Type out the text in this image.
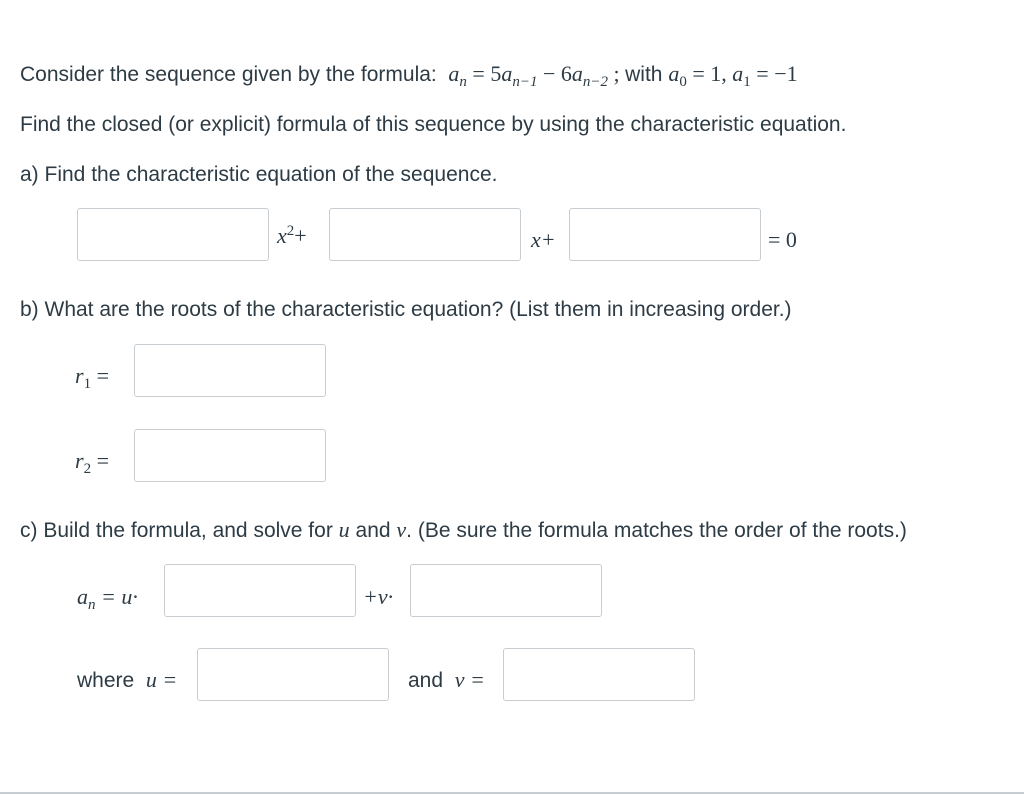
Consider the sequence given by the formula: $a_n = 5a_{n-1} - 6a_{n-2}$ ; with $a_0 = 1$, $a_1 = -1$
Find the closed (or explicit) formula of this sequence by using the characteristic equation.
a) Find the characteristic equation of the sequence.
$x^2+$	x+	= 0
b) What are the roots of the characteristic equation? (List them in increasing order.)
$r_1$ =
$r_2$ =
c) Build the formula, and solve for u and v. (Be sure the formula matches the order of the roots.)
$a_n = u\cdot$	+v·
where u =	and v =
